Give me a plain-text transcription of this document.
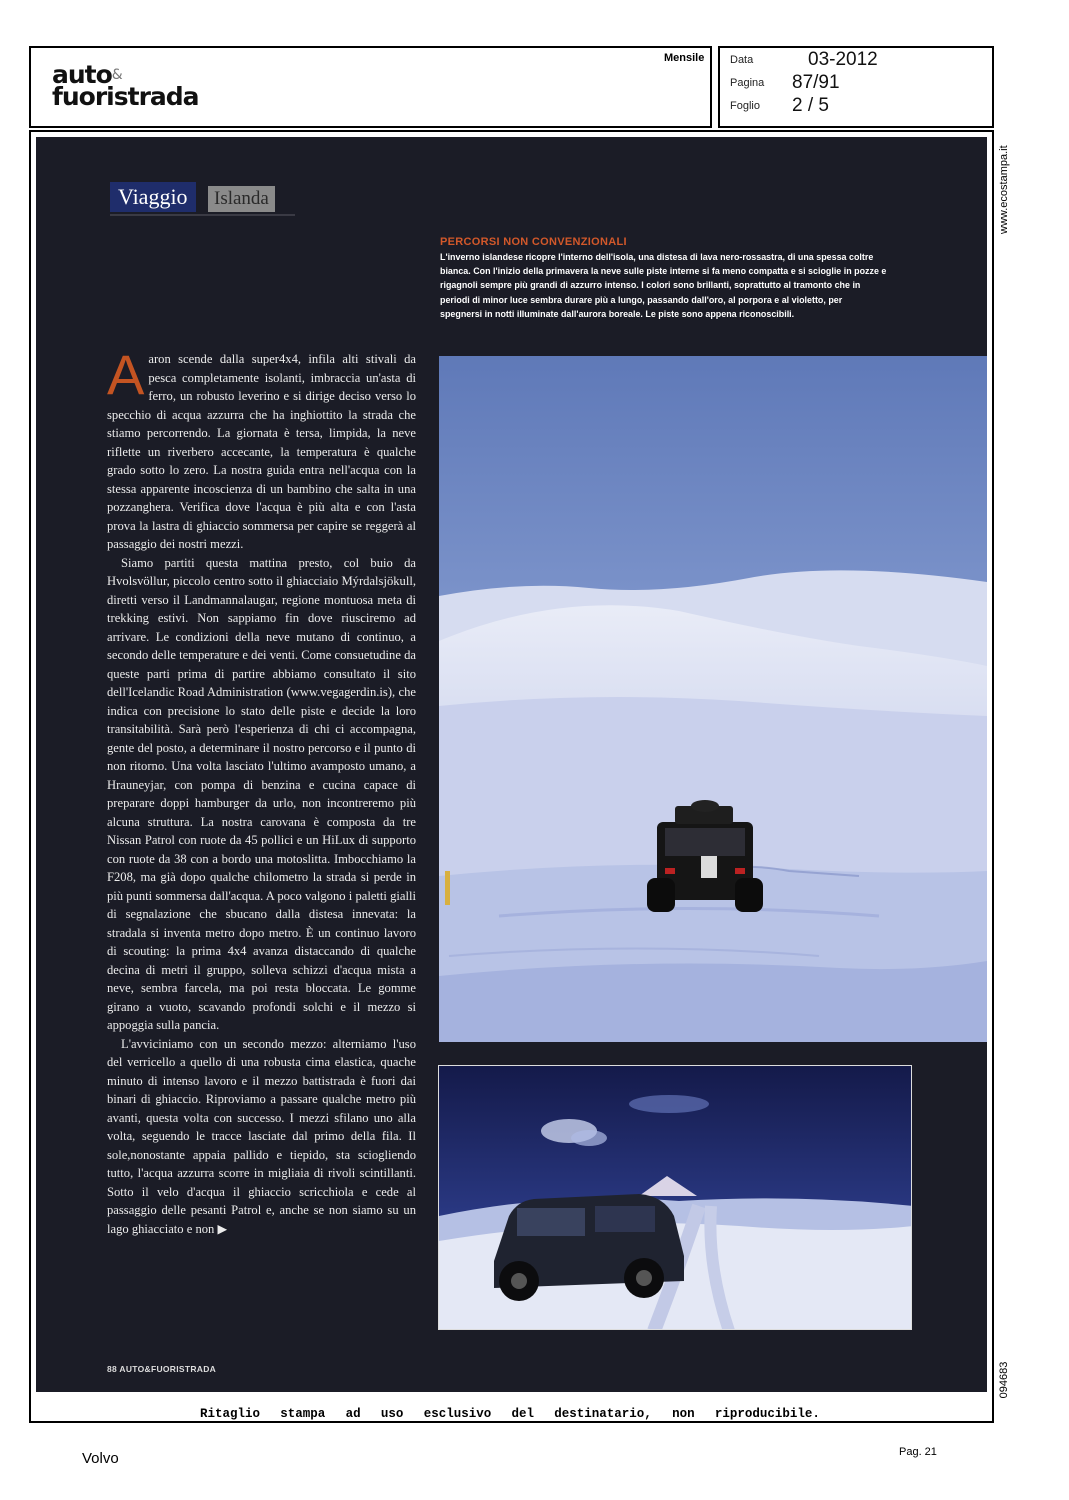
auto&
fuoristrada
Mensile Data	03-2012
Pagina 87/91
Foglio 2 / 5
www.ecostampa.it
094683
Viaggio	Islanda
PERCORSI NON CONVENZIONALI
L'inverno islandese ricopre l'interno dell'isola, una distesa di lava nero-rossastra, di una spessa coltre bianca. Con l'inizio della primavera la neve sulle piste interne si fa meno compatta e si scioglie in pozze e rigagnoli sempre più grandi di azzurro intenso. I colori sono brillanti, soprattutto al tramonto che in periodi di minor luce sembra durare più a lungo, passando dall'oro, al porpora e al violetto, per spegnersi in notti illuminate dall'aurora boreale. Le piste sono appena riconoscibili.

Aaron scende dalla super4x4, infila alti stivali da pesca completamente isolanti, imbraccia un'asta di ferro, un robusto leverino e si dirige deciso verso lo specchio di acqua azzurra che ha inghiottito la strada che stiamo percorrendo. La giornata è tersa, limpida, la neve riflette un riverbero accecante, la temperatura è qualche grado sotto lo zero. La nostra guida entra nell'acqua con la stessa apparente incoscienza di un bambino che salta in una pozzanghera. Verifica dove l'acqua è più alta e con l'asta prova la lastra di ghiaccio sommersa per capire se reggerà al passaggio dei nostri mezzi.

Siamo partiti questa mattina presto, col buio da Hvolsvöllur, piccolo centro sotto il ghiacciaio Mýrdalsjökull, diretti verso il Landmannalaugar, regione montuosa meta di trekking estivi. Non sappiamo fin dove riusciremo ad arrivare. Le condizioni della neve mutano di continuo, a secondo delle temperature e dei venti. Come consuetudine da queste parti prima di partire abbiamo consultato il sito dell'Icelandic Road Administration (www.vegagerdin.is), che indica con precisione lo stato delle piste e decide la loro transitabilità. Sarà però l'esperienza di chi ci accompagna, gente del posto, a determinare il nostro percorso e il punto di non ritorno. Una volta lasciato l'ultimo avamposto umano, a Hrauneyjar, con pompa di benzina e cucina capace di preparare doppi hamburger da urlo, non incontreremo più alcuna struttura. La nostra carovana è composta da tre Nissan Patrol con ruote da 45 pollici e un HiLux di supporto con ruote da 38 con a bordo una motoslitta. Imbocchiamo la F208, ma già dopo qualche chilometro la strada si perde in più punti sommersa dall'acqua. A poco valgono i paletti gialli di segnalazione che sbucano dalla distesa innevata: la stradala si inventa metro dopo metro. È un continuo lavoro di scouting: la prima 4x4 avanza distaccando di qualche decina di metri il gruppo, solleva schizzi d'acqua mista a neve, sembra farcela, ma poi resta bloccata. Le gomme girano a vuoto, scavando profondi solchi e il mezzo si appoggia sulla pancia.

L'avviciniamo con un secondo mezzo: alterniamo l'uso del verricello a quello di una robusta cima elastica, quache minuto di intenso lavoro e il mezzo battistrada è fuori dai binari di ghiaccio. Riproviamo a passare qualche metro più avanti, questa volta con successo. I mezzi sfilano uno alla volta, seguendo le tracce lasciate dal primo della fila. Il sole,nonostante appaia pallido e tiepido, sta sciogliendo tutto, l'acqua azzurra scorre in migliaia di rivoli scintillanti. Sotto il velo d'acqua il ghiaccio scricchiola e cede al passaggio delle pesanti Patrol e, anche se non siamo su un lago ghiacciato e non ▶

88 AUTO&FUORISTRADA
Ritaglio stampa ad uso esclusivo del destinatario, non riproducibile.
Volvo	Pag. 21
